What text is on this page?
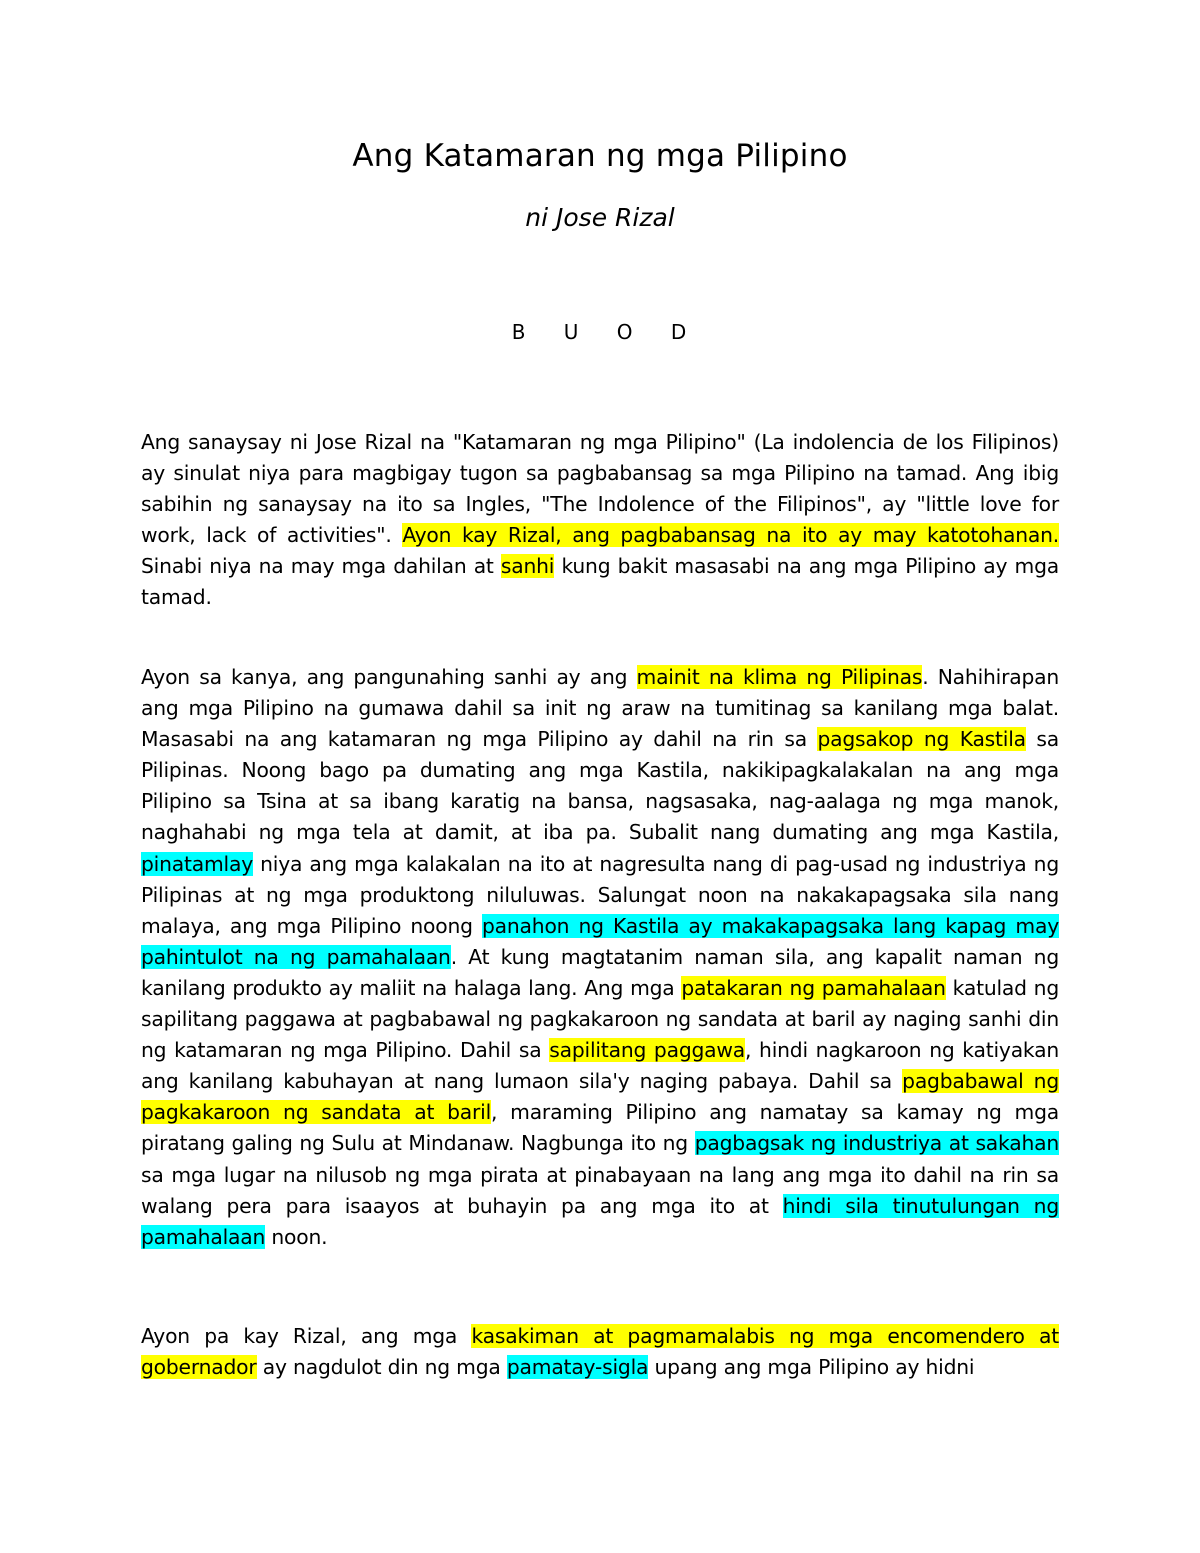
Ang Katamaran ng mga Pilipino
ni Jose Rizal
B U O D

Ang sanaysay ni Jose Rizal na "Katamaran ng mga Pilipino" (La indolencia de los Filipinos) ay sinulat niya para magbigay tugon sa pagbabansag sa mga Pilipino na tamad. Ang ibig sabihin ng sanaysay na ito sa Ingles, "The Indolence of the Filipinos", ay "little love for work, lack of activities". Ayon kay Rizal, ang pagbabansag na ito ay may katotohanan. Sinabi niya na may mga dahilan at sanhi kung bakit masasabi na ang mga Pilipino ay mga tamad.

Ayon sa kanya, ang pangunahing sanhi ay ang mainit na klima ng Pilipinas. Nahihirapan ang mga Pilipino na gumawa dahil sa init ng araw na tumitinag sa kanilang mga balat. Masasabi na ang katamaran ng mga Pilipino ay dahil na rin sa pagsakop ng Kastila sa Pilipinas. Noong bago pa dumating ang mga Kastila, nakikipagkalakalan na ang mga Pilipino sa Tsina at sa ibang karatig na bansa, nagsasaka, nag-aalaga ng mga manok, naghahabi ng mga tela at damit, at iba pa. Subalit nang dumating ang mga Kastila, pinatamlay niya ang mga kalakalan na ito at nagresulta nang di pag-usad ng industriya ng Pilipinas at ng mga produktong niluluwas. Salungat noon na nakakapagsaka sila nang malaya, ang mga Pilipino noong panahon ng Kastila ay makakapagsaka lang kapag may pahintulot na ng pamahalaan. At kung magtatanim naman sila, ang kapalit naman ng kanilang produkto ay maliit na halaga lang. Ang mga patakaran ng pamahalaan katulad ng sapilitang paggawa at pagbabawal ng pagkakaroon ng sandata at baril ay naging sanhi din ng katamaran ng mga Pilipino. Dahil sa sapilitang paggawa, hindi nagkaroon ng katiyakan ang kanilang kabuhayan at nang lumaon sila'y naging pabaya. Dahil sa pagbabawal ng pagkakaroon ng sandata at baril, maraming Pilipino ang namatay sa kamay ng mga piratang galing ng Sulu at Mindanaw. Nagbunga ito ng pagbagsak ng industriya at sakahan sa mga lugar na nilusob ng mga pirata at pinabayaan na lang ang mga ito dahil na rin sa walang pera para isaayos at buhayin pa ang mga ito at hindi sila tinutulungan ng pamahalaan noon.

Ayon pa kay Rizal, ang mga kasakiman at pagmamalabis ng mga encomendero at gobernador ay nagdulot din ng mga pamatay-sigla upang ang mga Pilipino ay hidni
